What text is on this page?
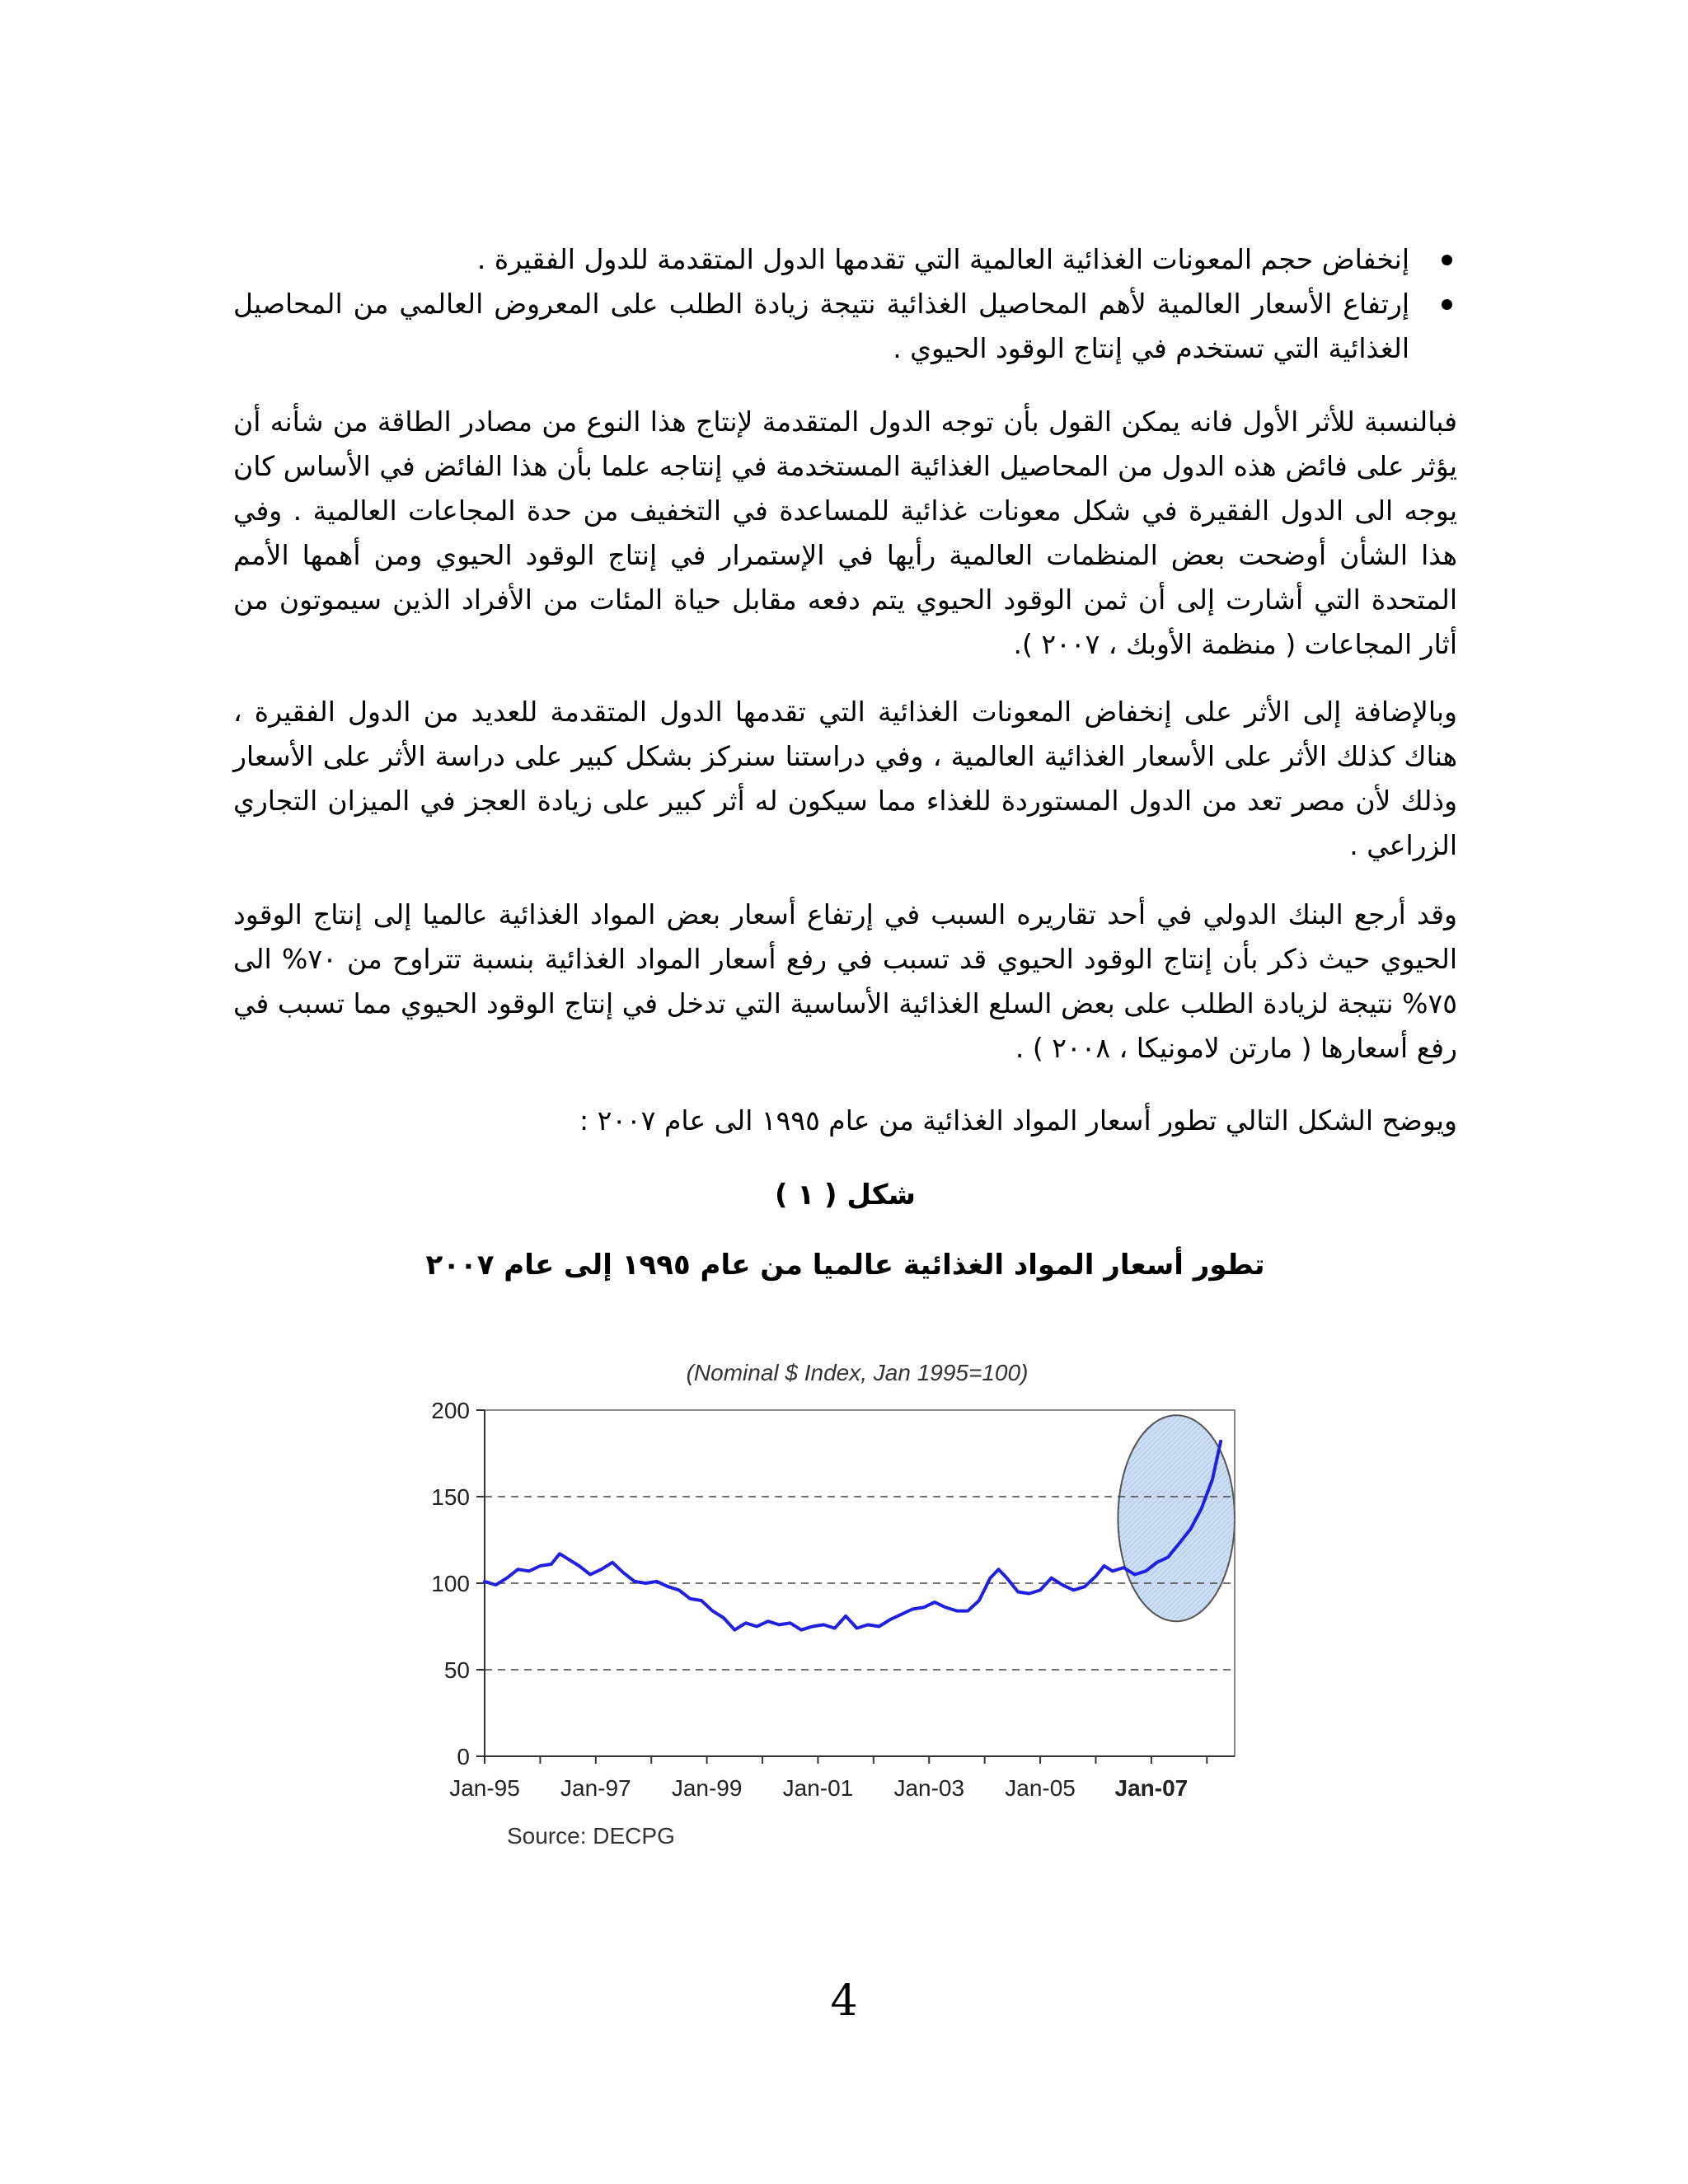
إنخفاض حجم المعونات الغذائية العالمية التي تقدمها الدول المتقدمة للدول الفقيرة .
إرتفاع الأسعار العالمية لأهم المحاصيل الغذائية نتيجة زيادة الطلب على المعروض العالمي من المحاصيل الغذائية التي تستخدم في إنتاج الوقود الحيوي .

فبالنسبة للأثر الأول فانه يمكن القول بأن توجه الدول المتقدمة لإنتاج هذا النوع من مصادر الطاقة من شأنه أن يؤثر على فائض هذه الدول من المحاصيل الغذائية المستخدمة في إنتاجه علما بأن هذا الفائض في الأساس كان يوجه الى الدول الفقيرة في شكل معونات غذائية للمساعدة في التخفيف من حدة المجاعات العالمية . وفي هذا الشأن أوضحت بعض المنظمات العالمية رأيها في الإستمرار في إنتاج الوقود الحيوي ومن أهمها الأمم المتحدة التي أشارت إلى أن ثمن الوقود الحيوي يتم دفعه مقابل حياة المئات من الأفراد الذين سيموتون من أثار المجاعات ( منظمة الأوبك ، ٢٠٠٧ ).

وبالإضافة إلى الأثر على إنخفاض المعونات الغذائية التي تقدمها الدول المتقدمة للعديد من الدول الفقيرة ، هناك كذلك الأثر على الأسعار الغذائية العالمية ، وفي دراستنا سنركز بشكل كبير على دراسة الأثر على الأسعار وذلك لأن مصر تعد من الدول المستوردة للغذاء مما سيكون له أثر كبير على زيادة العجز في الميزان التجاري الزراعي .

وقد أرجع البنك الدولي في أحد تقاريره السبب في إرتفاع أسعار بعض المواد الغذائية عالميا إلى إنتاج الوقود الحيوي حيث ذكر بأن إنتاج الوقود الحيوي قد تسبب في رفع أسعار المواد الغذائية بنسبة تتراوح من ٧٠% الى ٧٥% نتيجة لزيادة الطلب على بعض السلع الغذائية الأساسية التي تدخل في إنتاج الوقود الحيوي مما تسبب في رفع أسعارها ( مارتن لامونيكا ، ٢٠٠٨ ) .

ويوضح الشكل التالي تطور أسعار المواد الغذائية من عام ١٩٩٥ الى عام ٢٠٠٧ :

شكل ( ١ )
تطور أسعار المواد الغذائية عالميا من عام ١٩٩٥ إلى عام ٢٠٠٧
(Nominal $ Index, Jan 1995=100)
0
50
100
150
200
Jan-95 Jan-97 Jan-99 Jan-01 Jan-03 Jan-05 Jan-07
Source: DECPG
4
